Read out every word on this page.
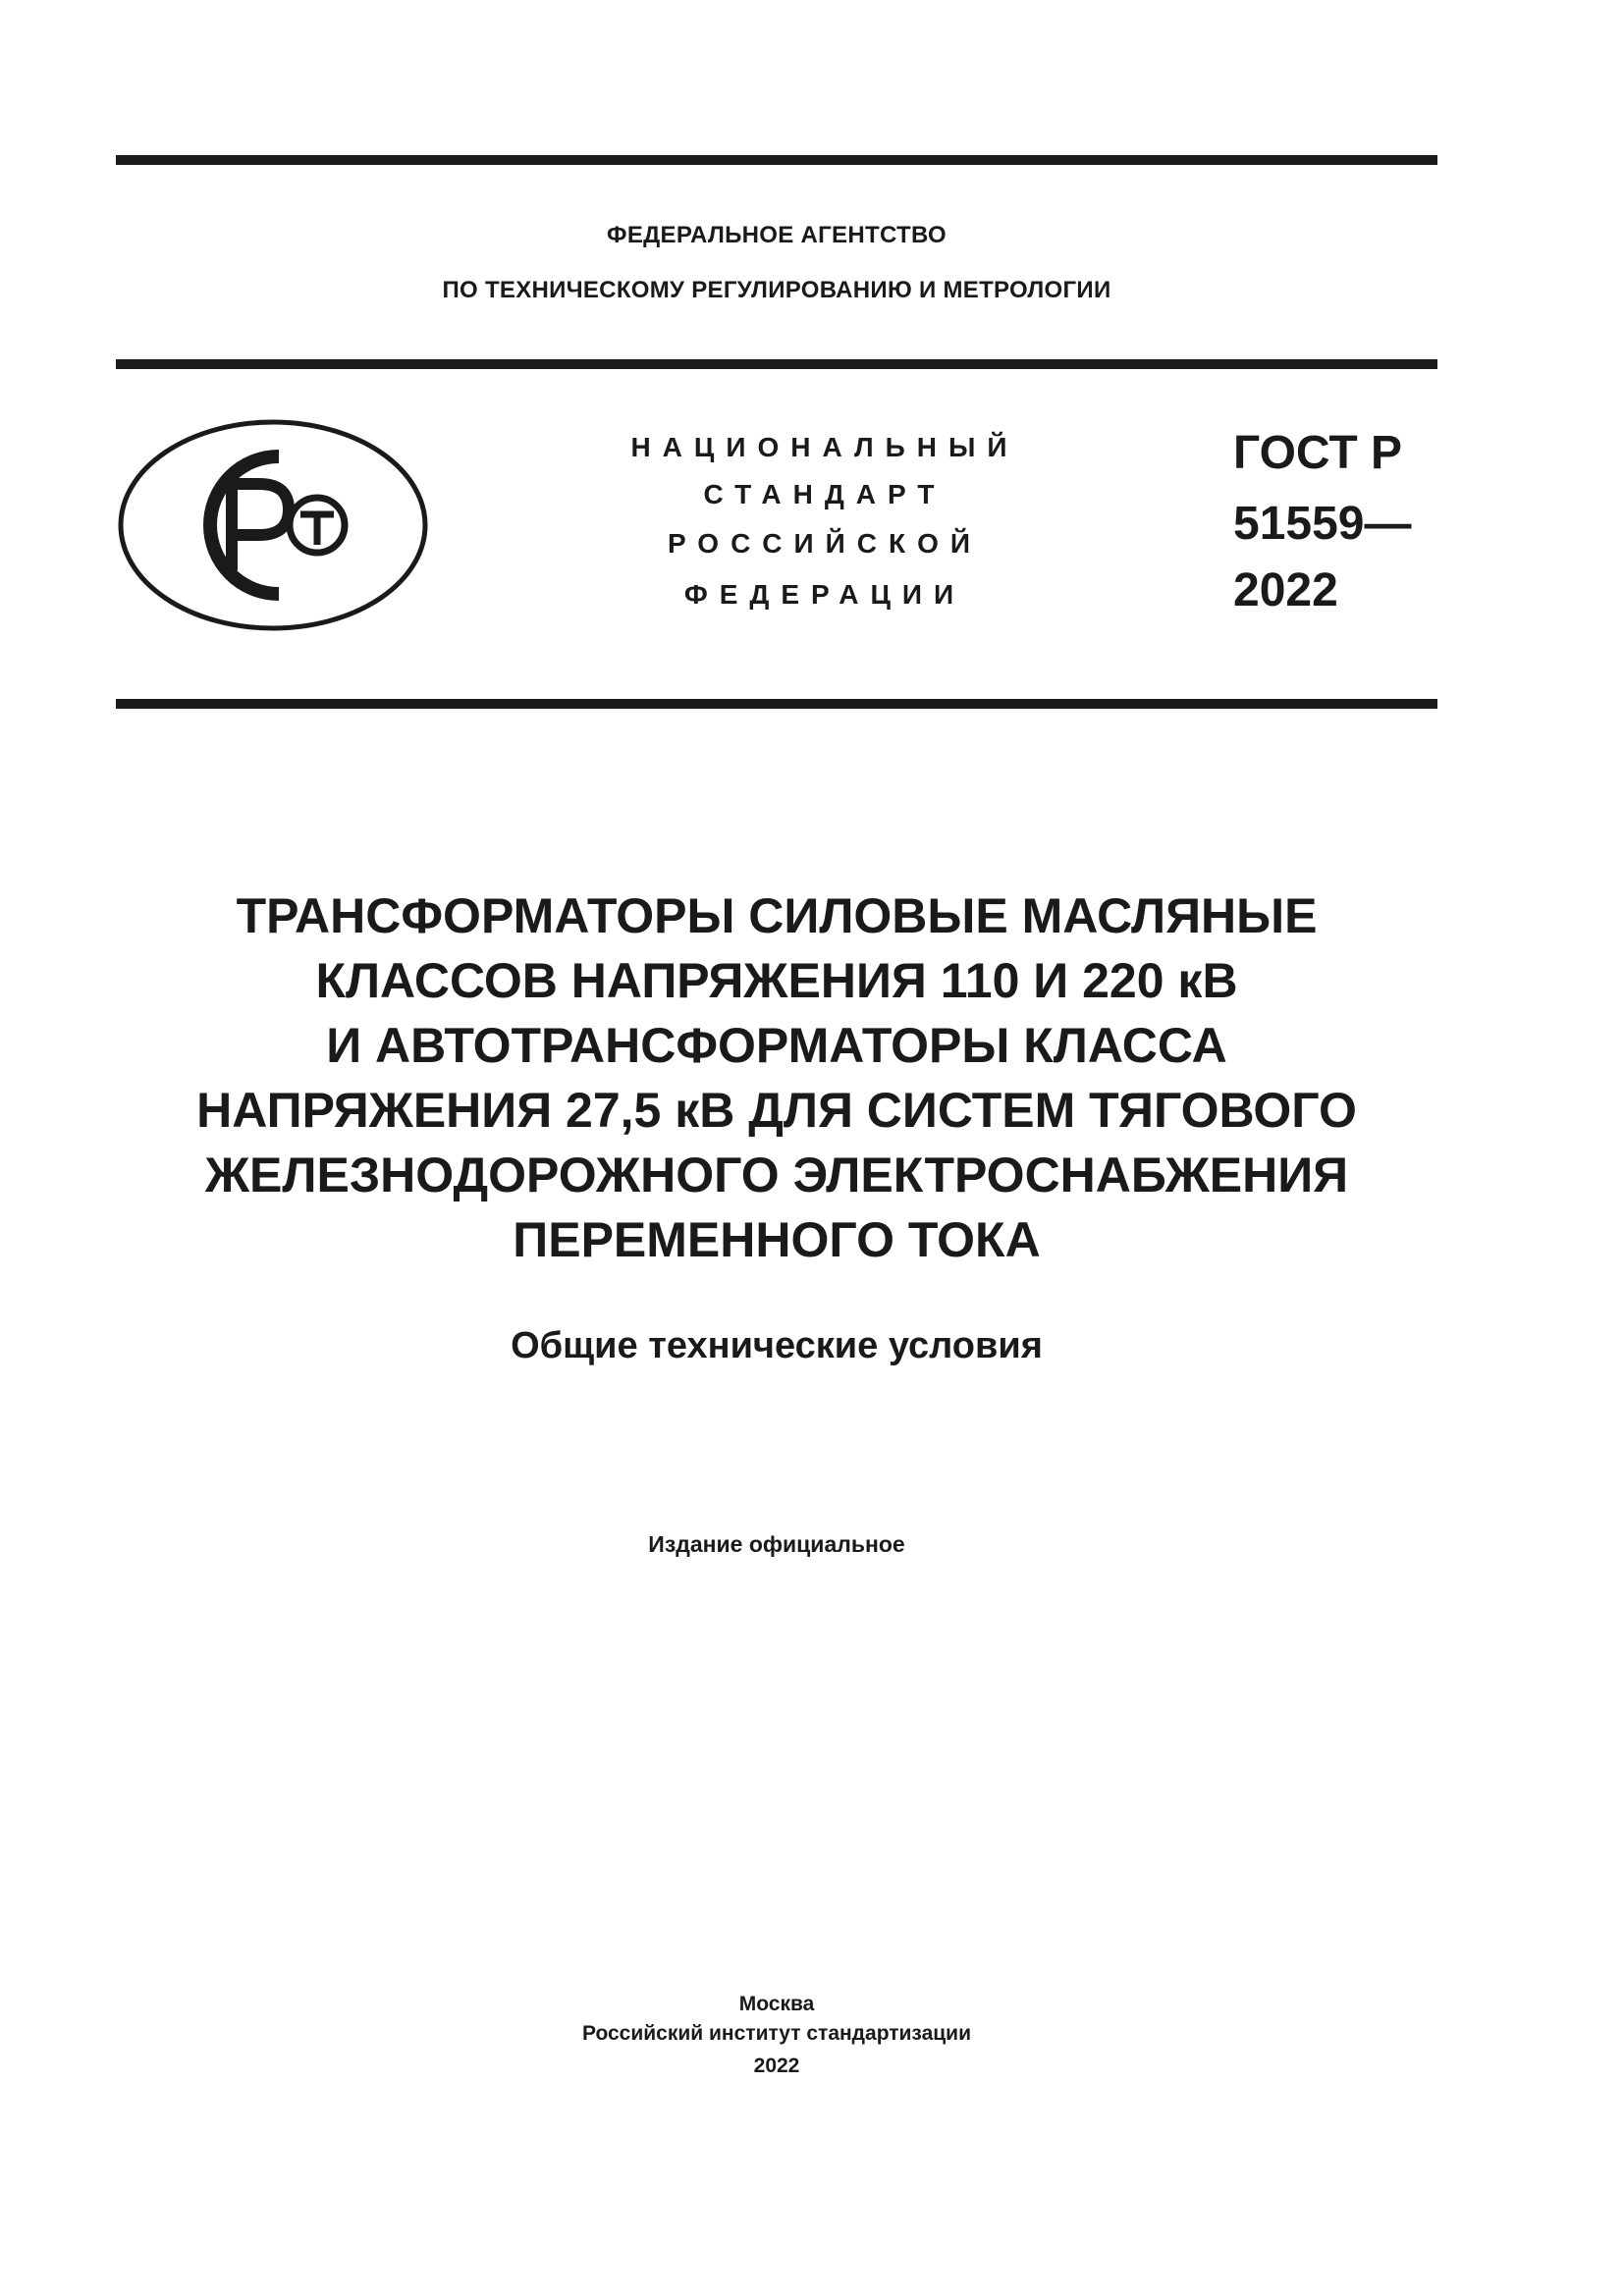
ФЕДЕРАЛЬНОЕ АГЕНТСТВО
ПО ТЕХНИЧЕСКОМУ РЕГУЛИРОВАНИЮ И МЕТРОЛОГИИ
НАЦИОНАЛЬНЫЙ
СТАНДАРТ
РОССИЙСКОЙ
ФЕДЕРАЦИИ
ГОСТ Р
51559—
2022
ТРАНСФОРМАТОРЫ СИЛОВЫЕ МАСЛЯНЫЕ
КЛАССОВ НАПРЯЖЕНИЯ 110 И 220 кВ
И АВТОТРАНСФОРМАТОРЫ КЛАССА
НАПРЯЖЕНИЯ 27,5 кВ ДЛЯ СИСТЕМ ТЯГОВОГО
ЖЕЛЕЗНОДОРОЖНОГО ЭЛЕКТРОСНАБЖЕНИЯ
ПЕРЕМЕННОГО ТОКА
Общие технические условия
Издание официальное
Москва
Российский институт стандартизации
2022
